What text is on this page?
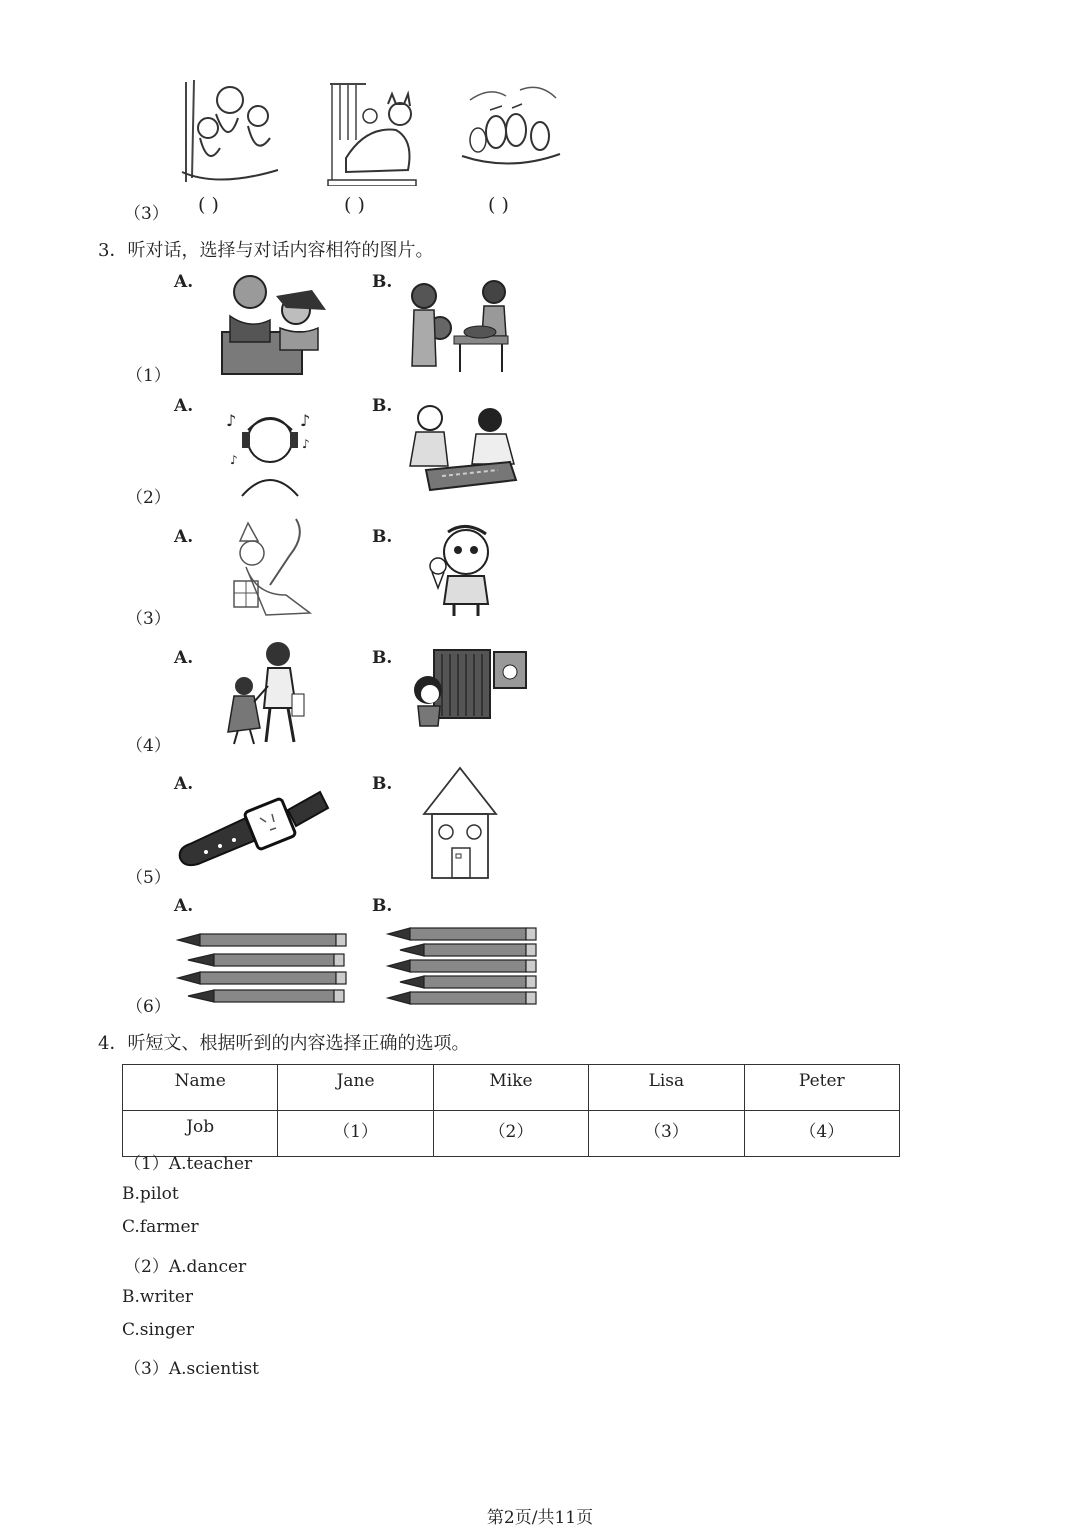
（3） ( )	( )	( )
3．听对话，选择与对话内容相符的图片。
A.	B.
（1）
A.	B.
♪	♪
♪
♪
（2）
A.	B.
（3）
A.	B.
（4）
A.	B.
（5）
A.	B.
（6）
4．听短文、根据听到的内容选择正确的选项。
Name	Jane	Mike	Lisa	Peter
Job	（1）	（2）	（3）	（4）
（1）A.teacher
B.pilot
C.farmer
（2）A.dancer
B.writer
C.singer
（3）A.scientist
第2页/共11页
